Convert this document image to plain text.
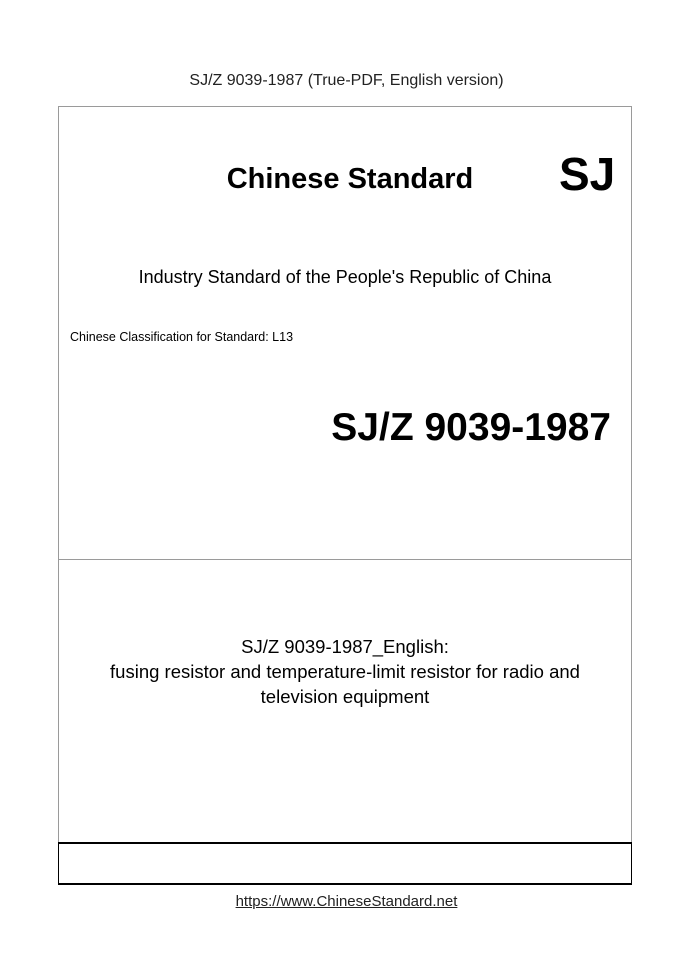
SJ/Z 9039-1987 (True-PDF, English version)
Chinese Standard	SJ
Industry Standard of the People's Republic of China
Chinese Classification for Standard: L13
SJ/Z 9039-1987
SJ/Z 9039-1987_English:
fusing resistor and temperature-limit resistor for radio and
television equipment
https://www.ChineseStandard.net
